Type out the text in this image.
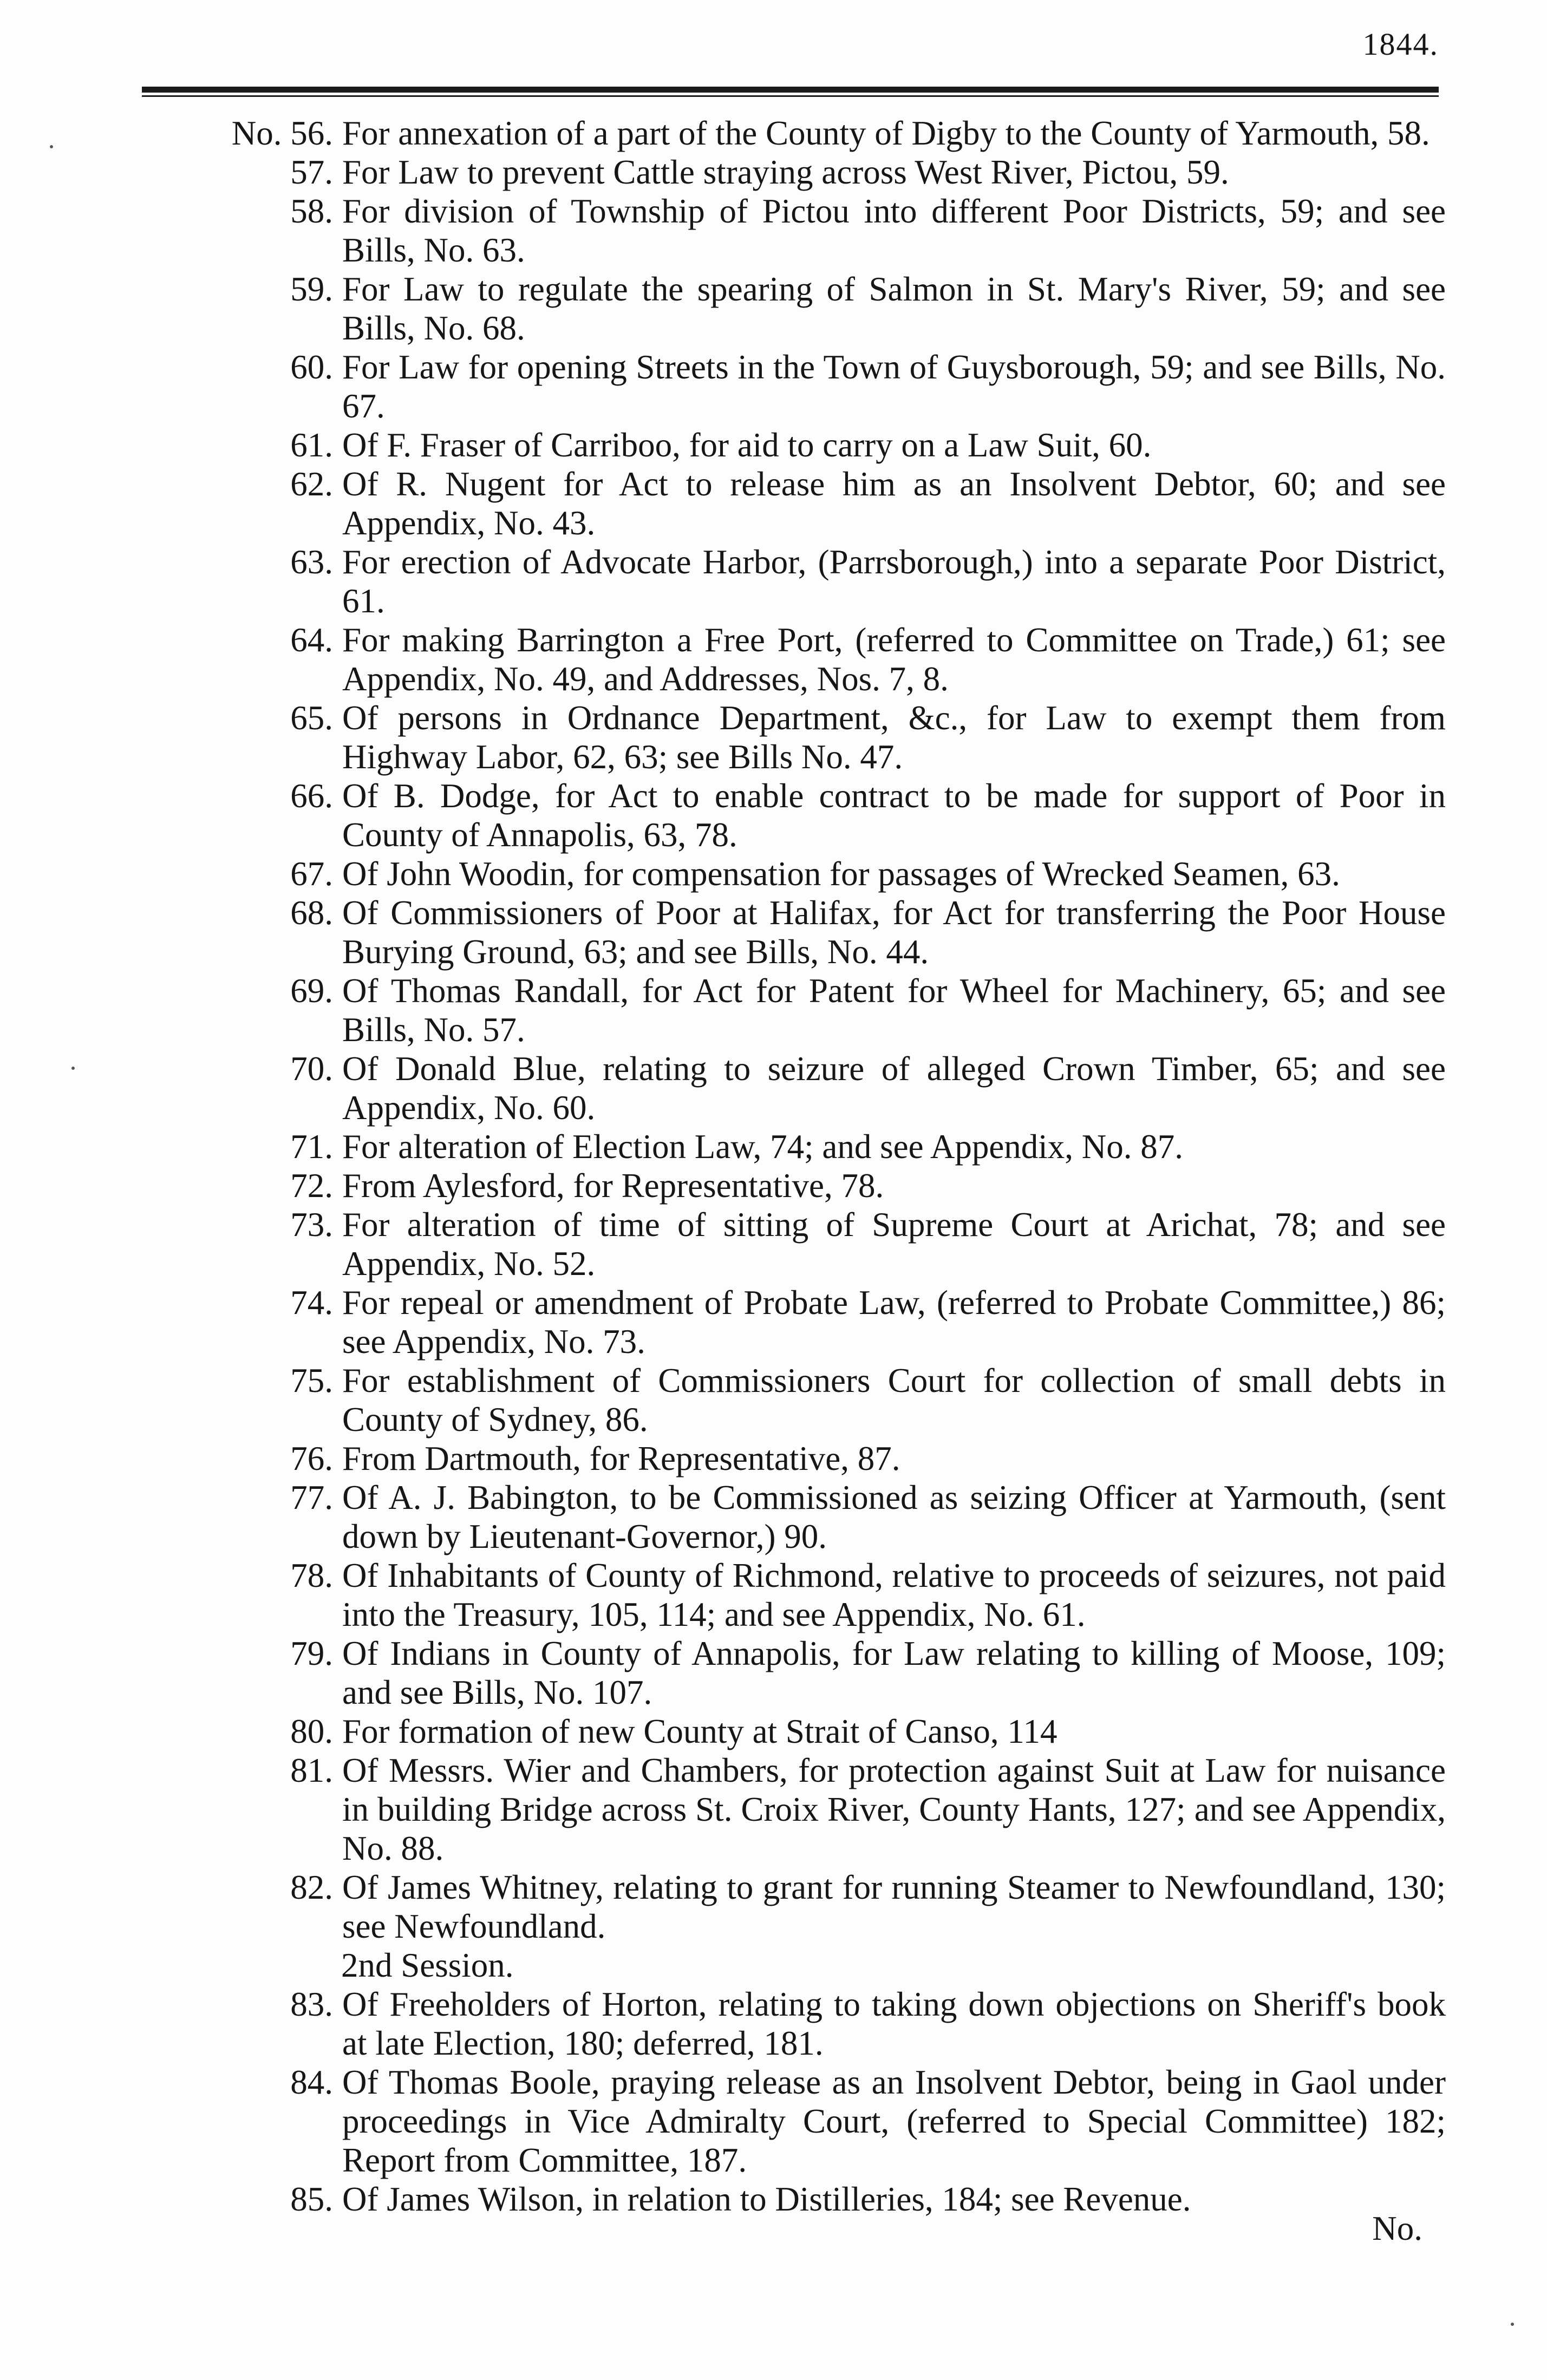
1844.
No. 56. For annexation of a part of the County of Digby to the County of Yarmouth, 58.
57. For Law to prevent Cattle straying across West River, Pictou, 59.
58. For division of Township of Pictou into different Poor Districts, 59; and see Bills, No. 63.
59. For Law to regulate the spearing of Salmon in St. Mary's River, 59; and see Bills, No. 68.
60. For Law for opening Streets in the Town of Guysborough, 59; and see Bills, No. 67.
61. Of F. Fraser of Carriboo, for aid to carry on a Law Suit, 60.
62. Of R. Nugent for Act to release him as an Insolvent Debtor, 60; and see Appendix, No. 43.
63. For erection of Advocate Harbor, (Parrsborough,) into a separate Poor District, 61.
64. For making Barrington a Free Port, (referred to Committee on Trade,) 61; see Appendix, No. 49, and Addresses, Nos. 7, 8.
65. Of persons in Ordnance Department, &c., for Law to exempt them from Highway Labor, 62, 63; see Bills No. 47.
66. Of B. Dodge, for Act to enable contract to be made for support of Poor in County of Annapolis, 63, 78.
67. Of John Woodin, for compensation for passages of Wrecked Seamen, 63.
68. Of Commissioners of Poor at Halifax, for Act for transferring the Poor House Burying Ground, 63; and see Bills, No. 44.
69. Of Thomas Randall, for Act for Patent for Wheel for Machinery, 65; and see Bills, No. 57.
70. Of Donald Blue, relating to seizure of alleged Crown Timber, 65; and see Appendix, No. 60.
71. For alteration of Election Law, 74; and see Appendix, No. 87.
72. From Aylesford, for Representative, 78.
73. For alteration of time of sitting of Supreme Court at Arichat, 78; and see Appendix, No. 52.
74. For repeal or amendment of Probate Law, (referred to Probate Committee,) 86; see Appendix, No. 73.
75. For establishment of Commissioners Court for collection of small debts in County of Sydney, 86.
76. From Dartmouth, for Representative, 87.
77. Of A. J. Babington, to be Commissioned as seizing Officer at Yarmouth, (sent down by Lieutenant-Governor,) 90.
78. Of Inhabitants of County of Richmond, relative to proceeds of seizures, not paid into the Treasury, 105, 114; and see Appendix, No. 61.
79. Of Indians in County of Annapolis, for Law relating to killing of Moose, 109; and see Bills, No. 107.
80. For formation of new County at Strait of Canso, 114
81. Of Messrs. Wier and Chambers, for protection against Suit at Law for nuisance in building Bridge across St. Croix River, County Hants, 127; and see Appendix, No. 88.
82. Of James Whitney, relating to grant for running Steamer to Newfoundland, 130; see Newfoundland.
2nd Session.
83. Of Freeholders of Horton, relating to taking down objections on Sheriff's book at late Election, 180; deferred, 181.
84. Of Thomas Boole, praying release as an Insolvent Debtor, being in Gaol under proceedings in Vice Admiralty Court, (referred to Special Committee) 182; Report from Committee, 187.
85. Of James Wilson, in relation to Distilleries, 184; see Revenue.
No.
